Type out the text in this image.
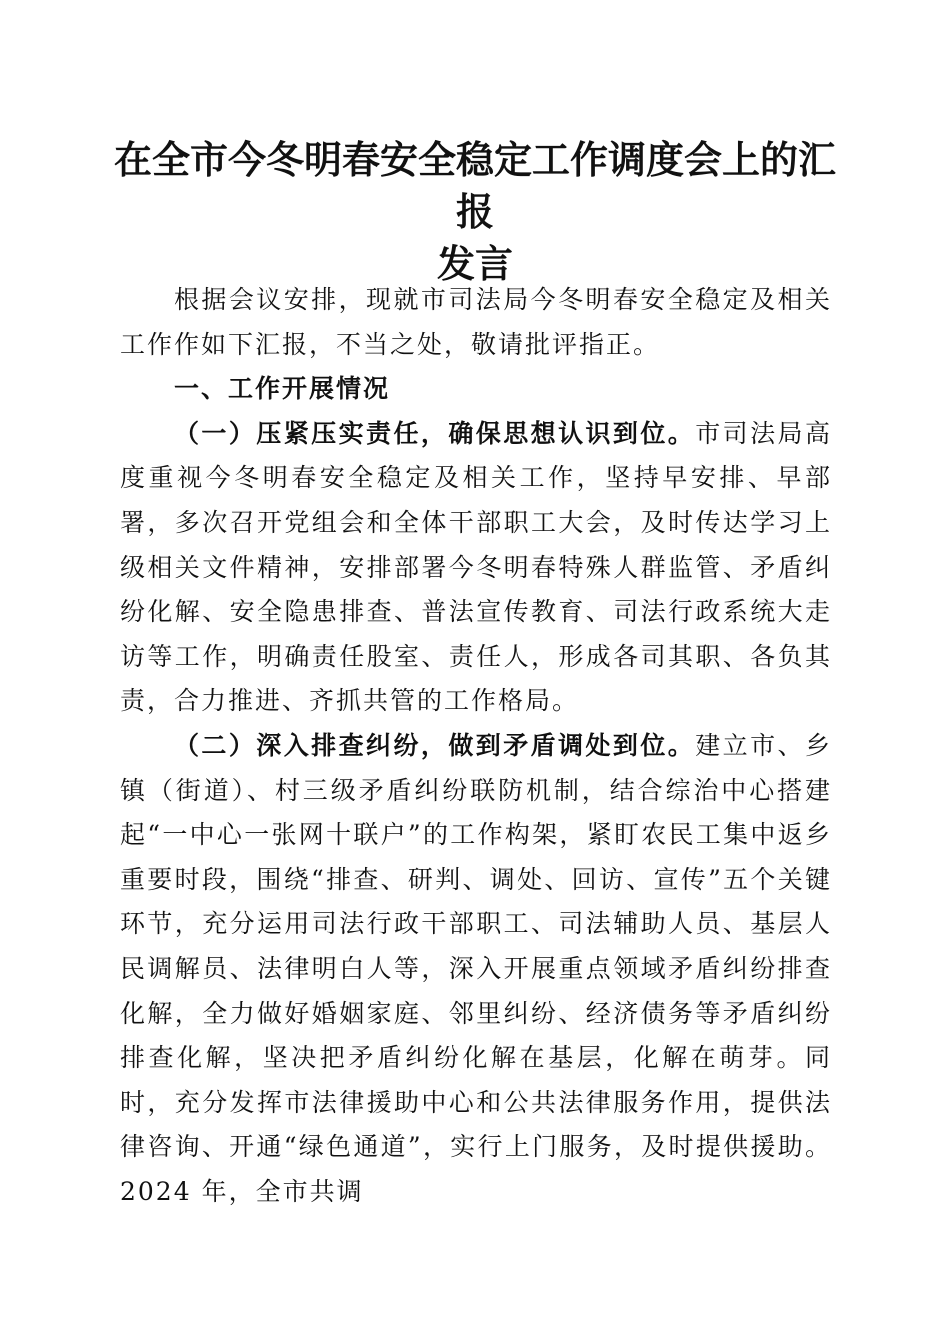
在全市今冬明春安全稳定工作调度会上的汇报
发言

根据会议安排，现就市司法局今冬明春安全稳定及相关工作作如下汇报，不当之处，敬请批评指正。

一、工作开展情况

（一）压紧压实责任，确保思想认识到位。市司法局高度重视今冬明春安全稳定及相关工作，坚持早安排、早部署，多次召开党组会和全体干部职工大会，及时传达学习上级相关文件精神，安排部署今冬明春特殊人群监管、矛盾纠纷化解、安全隐患排查、普法宣传教育、司法行政系统大走访等工作，明确责任股室、责任人，形成各司其职、各负其责，合力推进、齐抓共管的工作格局。

（二）深入排查纠纷，做到矛盾调处到位。建立市、乡镇（街道）、村三级矛盾纠纷联防机制，结合综治中心搭建起“一中心一张网十联户”的工作构架，紧盯农民工集中返乡重要时段，围绕“排查、研判、调处、回访、宣传”五个关键环节，充分运用司法行政干部职工、司法辅助人员、基层人民调解员、法律明白人等，深入开展重点领域矛盾纠纷排查化解，全力做好婚姻家庭、邻里纠纷、经济债务等矛盾纠纷排查化解，坚决把矛盾纠纷化解在基层，化解在萌芽。同时，充分发挥市法律援助中心和公共法律服务作用，提供法律咨询、开通“绿色通道”，实行上门服务，及时提供援助。2024 年，全市共调
